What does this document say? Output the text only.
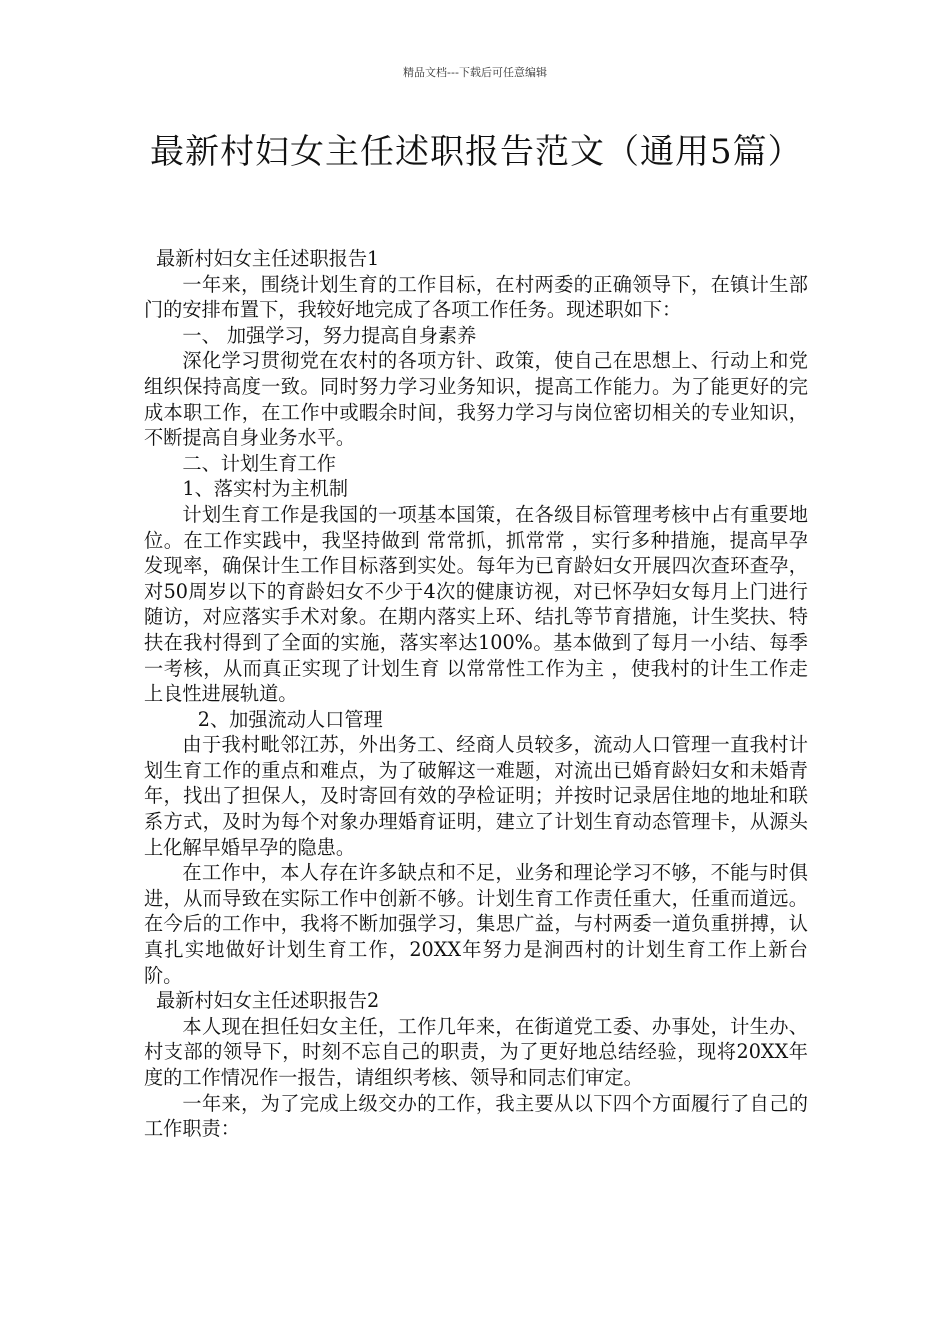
精品文档---下载后可任意编辑
最新村妇女主任述职报告范文（通用5篇）

最新村妇女主任述职报告1

一年来，围绕计划生育的工作目标，在村两委的正确领导下，在镇计生部门的安排布置下，我较好地完成了各项工作任务。现述职如下：

一、 加强学习，努力提高自身素养

深化学习贯彻党在农村的各项方针、政策，使自己在思想上、行动上和党组织保持高度一致。同时努力学习业务知识，提高工作能力。为了能更好的完成本职工作，在工作中或暇余时间，我努力学习与岗位密切相关的专业知识，不断提高自身业务水平。

二、计划生育工作

1、落实村为主机制

计划生育工作是我国的一项基本国策，在各级目标管理考核中占有重要地位。在工作实践中，我坚持做到 常常抓，抓常常 ，实行多种措施，提高早孕发现率，确保计生工作目标落到实处。每年为已育龄妇女开展四次查环查孕，对50周岁以下的育龄妇女不少于4次的健康访视，对已怀孕妇女每月上门进行随访，对应落实手术对象。在期内落实上环、结扎等节育措施，计生奖扶、特扶在我村得到了全面的实施，落实率达100%。基本做到了每月一小结、每季一考核，从而真正实现了计划生育 以常常性工作为主 ，使我村的计生工作走上良性进展轨道。

2、加强流动人口管理

由于我村毗邻江苏，外出务工、经商人员较多，流动人口管理一直我村计划生育工作的重点和难点，为了破解这一难题，对流出已婚育龄妇女和未婚青年，找出了担保人，及时寄回有效的孕检证明；并按时记录居住地的地址和联系方式，及时为每个对象办理婚育证明，建立了计划生育动态管理卡，从源头上化解早婚早孕的隐患。

在工作中，本人存在许多缺点和不足，业务和理论学习不够，不能与时俱进，从而导致在实际工作中创新不够。计划生育工作责任重大，任重而道远。在今后的工作中，我将不断加强学习，集思广益，与村两委一道负重拼搏，认真扎实地做好计划生育工作，20XX年努力是涧西村的计划生育工作上新台阶。

最新村妇女主任述职报告2

本人现在担任妇女主任，工作几年来，在街道党工委、办事处，计生办、村支部的领导下，时刻不忘自己的职责，为了更好地总结经验，现将20XX年度的工作情况作一报告，请组织考核、领导和同志们审定。

一年来，为了完成上级交办的工作，我主要从以下四个方面履行了自己的工作职责：
